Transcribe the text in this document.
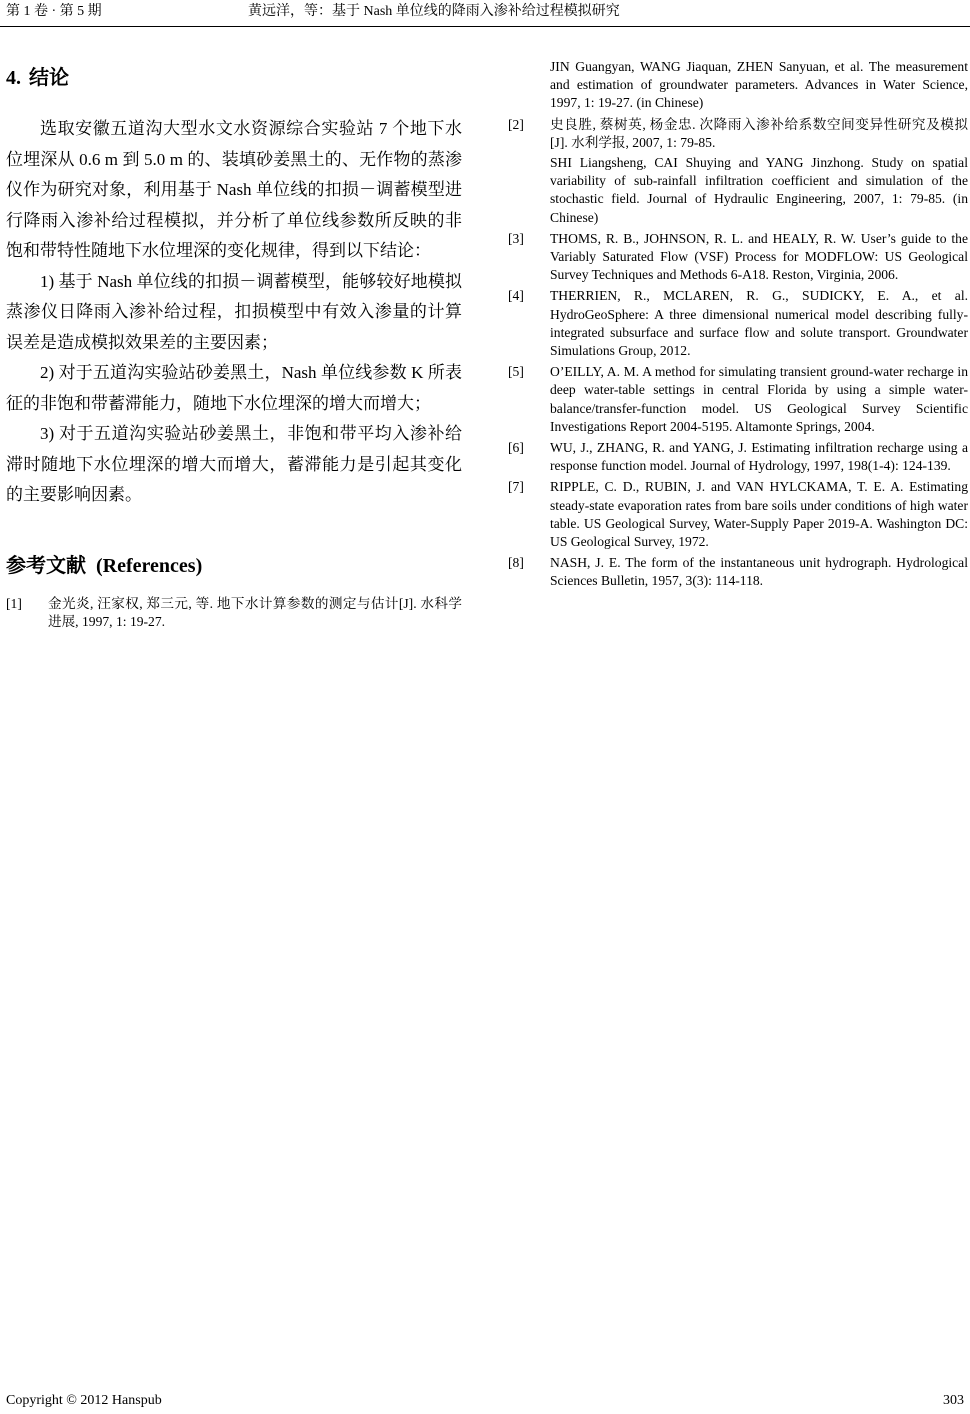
第 1 卷 · 第 5 期	黄远洋，等：基于 Nash 单位线的降雨入渗补给过程模拟研究
4. 结论

选取安徽五道沟大型水文水资源综合实验站 7 个地下水位埋深从 0.6 m 到 5.0 m 的、装填砂姜黑土的、无作物的蒸渗仪作为研究对象，利用基于 Nash 单位线的扣损－调蓄模型进行降雨入渗补给过程模拟，并分析了单位线参数所反映的非饱和带特性随地下水位埋深的变化规律，得到以下结论：

1) 基于 Nash 单位线的扣损－调蓄模型，能够较好地模拟蒸渗仪日降雨入渗补给过程，扣损模型中有效入渗量的计算误差是造成模拟效果差的主要因素；

2) 对于五道沟实验站砂姜黑土，Nash 单位线参数 K 所表征的非饱和带蓄滞能力，随地下水位埋深的增大而增大；

3) 对于五道沟实验站砂姜黑土，非饱和带平均入渗补给滞时随地下水位埋深的增大而增大，蓄滞能力是引起其变化的主要影响因素。

参考文献 (References)
[1]	金光炎, 汪家权, 郑三元, 等. 地下水计算参数的测定与估计[J]. 水科学进展, 1997, 1: 19-27.

JIN Guangyan, WANG Jiaquan, ZHEN Sanyuan, et al. The measurement and estimation of groundwater parameters. Advances in Water Science, 1997, 1: 19-27. (in Chinese)

[2]	史良胜, 蔡树英, 杨金忠. 次降雨入渗补给系数空间变异性研究及模拟[J]. 水利学报, 2007, 1: 79-85.

SHI Liangsheng, CAI Shuying and YANG Jinzhong. Study on spatial variability of sub-rainfall infiltration coefficient and simulation of the stochastic field. Journal of Hydraulic Engineering, 2007, 1: 79-85. (in Chinese)

[3]	THOMS, R. B., JOHNSON, R. L. and HEALY, R. W. User’s guide to the Variably Saturated Flow (VSF) Process for MODFLOW: US Geological Survey Techniques and Methods 6-A18. Reston, Virginia, 2006.

[4]	THERRIEN, R., MCLAREN, R. G., SUDICKY, E. A., et al. HydroGeoSphere: A three dimensional numerical model describing fully-integrated subsurface and surface flow and solute transport. Groundwater Simulations Group, 2012.

[5]	O’EILLY, A. M. A method for simulating transient ground-water recharge in deep water-table settings in central Florida by using a simple water-balance/transfer-function model. US Geological Survey Scientific Investigations Report 2004-5195. Altamonte Springs, 2004.

[6]	WU, J., ZHANG, R. and YANG, J. Estimating infiltration recharge using a response function model. Journal of Hydrology, 1997, 198(1-4): 124-139.

[7]	RIPPLE, C. D., RUBIN, J. and VAN HYLCKAMA, T. E. A. Estimating steady-state evaporation rates from bare soils under conditions of high water table. US Geological Survey, Water-Supply Paper 2019-A. Washington DC: US Geological Survey, 1972.

[8]	NASH, J. E. The form of the instantaneous unit hydrograph. Hydrological Sciences Bulletin, 1957, 3(3): 114-118.

Copyright © 2012 Hanspub	303
